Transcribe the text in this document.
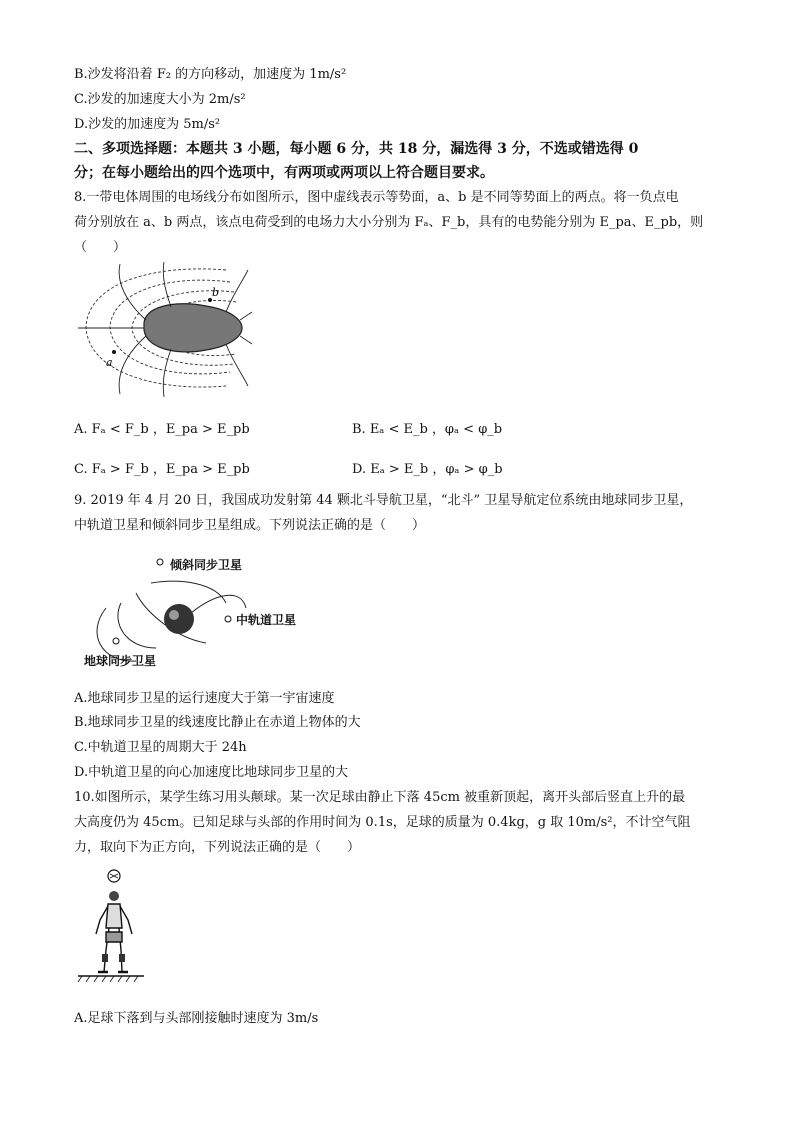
B.沙发将沿着 F₂ 的方向移动，加速度为 1m/s²
C.沙发的加速度大小为 2m/s²
D.沙发的加速度为 5m/s²
二、多项选择题：本题共 3 小题，每小题 6 分，共 18 分，漏选得 3 分，不选或错选得 0
分；在每小题给出的四个选项中，有两项或两项以上符合题目要求。
8.一带电体周围的电场线分布如图所示，图中虚线表示等势面，a、b 是不同等势面上的两点。将一负点电
荷分别放在 a、b 两点，该点电荷受到的电场力大小分别为 Fₐ、F_b，具有的电势能分别为 E_pa、E_pb，则
（　　）
a
b
A. Fₐ < F_b ，E_pa > E_pb	B. Eₐ < E_b ，φₐ < φ_b
C. Fₐ > F_b ，E_pa > E_pb	D. Eₐ > E_b ，φₐ > φ_b
9. 2019 年 4 月 20 日，我国成功发射第 44 颗北斗导航卫星，“北斗” 卫星导航定位系统由地球同步卫星，
中轨道卫星和倾斜同步卫星组成。下列说法正确的是（　　）
倾斜同步卫星
中轨道卫星
地球同步卫星
A.地球同步卫星的运行速度大于第一宇宙速度
B.地球同步卫星的线速度比静止在赤道上物体的大
C.中轨道卫星的周期大于 24h
D.中轨道卫星的向心加速度比地球同步卫星的大
10.如图所示，某学生练习用头颠球。某一次足球由静止下落 45cm 被重新顶起，离开头部后竖直上升的最
大高度仍为 45cm。已知足球与头部的作用时间为 0.1s，足球的质量为 0.4kg，g 取 10m/s²，不计空气阻
力，取向下为正方向，下列说法正确的是（　　）
A.足球下落到与头部刚接触时速度为 3m/s
